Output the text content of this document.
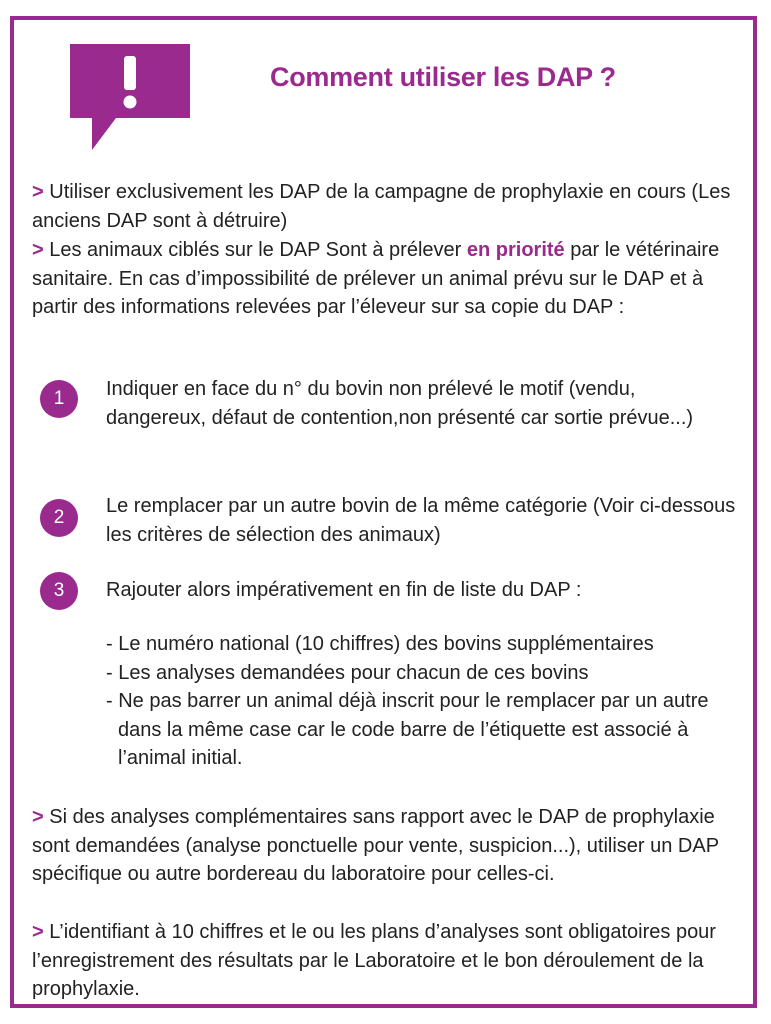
Comment utiliser les DAP ?

> Utiliser exclusivement les DAP de la campagne de prophylaxie en cours (Les anciens DAP sont à détruire)

> Les animaux ciblés sur le DAP Sont à prélever en priorité par le vétérinaire sanitaire. En cas d’impossibilité de prélever un animal prévu sur le DAP et à partir des informations relevées par l’éleveur sur sa copie du DAP :

1	Indiquer en face du n° du bovin non prélevé le motif (vendu, dangereux, défaut de contention,non présenté car sortie prévue...)

2

Le remplacer par un autre bovin de la même catégorie (Voir ci-dessous les critères de sélection des animaux)

3	Rajouter alors impérativement en fin de liste du DAP :

- Le numéro national (10 chiffres) des bovins supplémentaires
- Les analyses demandées pour chacun de ces bovins
- Ne pas barrer un animal déjà inscrit pour le remplacer par un autre dans la même case car le code barre de l’étiquette est associé à l’animal initial.

> Si des analyses complémentaires sans rapport avec le DAP de prophylaxie sont demandées (analyse ponctuelle pour vente, suspicion...), utiliser un DAP spécifique ou autre bordereau du laboratoire pour celles-ci.

> L’identifiant à 10 chiffres et le ou les plans d’analyses sont obligatoires pour l’enregistrement des résultats par le Laboratoire et le bon déroulement de la prophylaxie.
